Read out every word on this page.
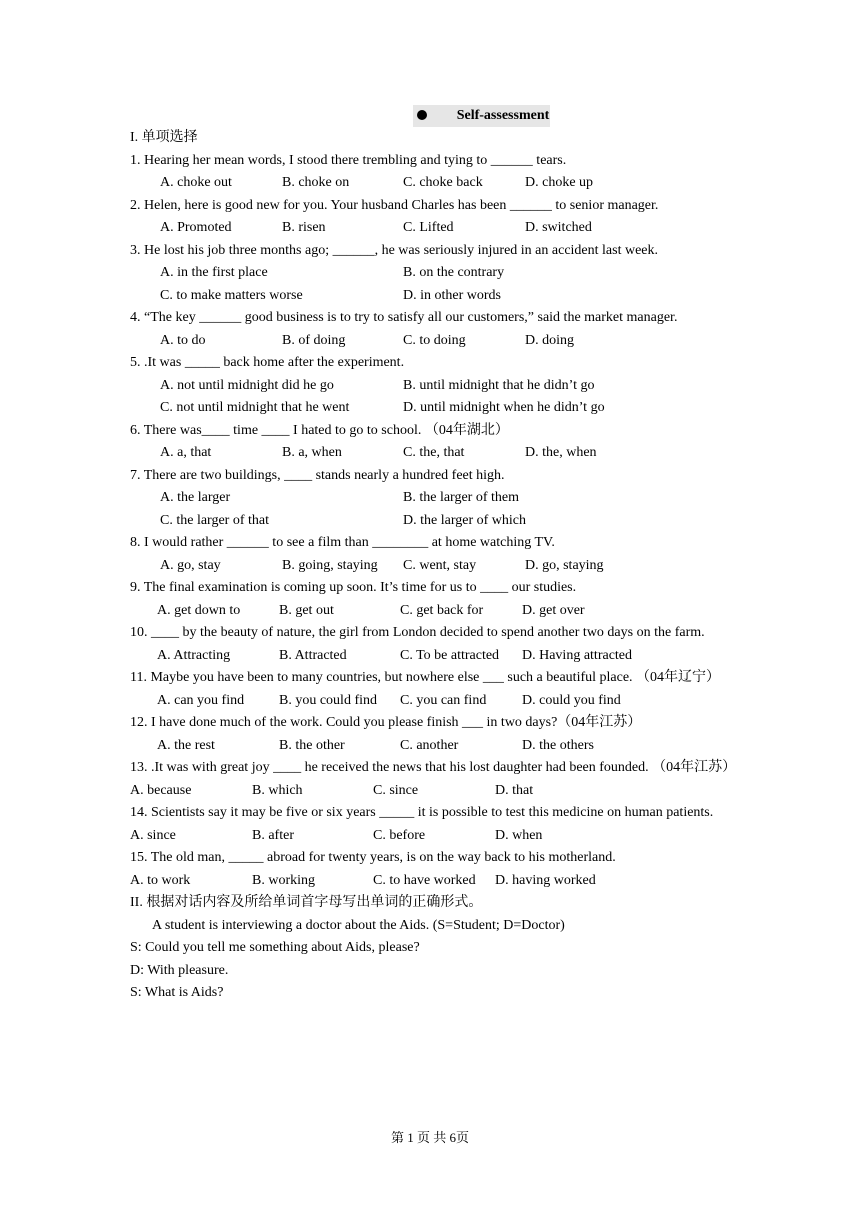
Self-assessment
I. 单项选择
1. Hearing her mean words, I stood there trembling and tying to ______ tears.
A. choke out	B. choke on	C. choke back	D. choke up
2. Helen, here is good new for you. Your husband Charles has been ______ to senior manager.
A. Promoted	B. risen	C. Lifted	D. switched
3. He lost his job three months ago; ______, he was seriously injured in an accident last week.
A. in the first place	B. on the contrary
C. to make matters worse	D. in other words
4. “The key ______ good business is to try to satisfy all our customers,” said the market manager.
A. to do	B. of doing	C. to doing	D. doing
5. .It was _____ back home after the experiment.
A. not until midnight did he go	B. until midnight that he didn’t go
C. not until midnight that he went	D. until midnight when he didn’t go
6. There was____ time ____ I hated to go to school. （04年湖北）
A. a, that	B. a, when	C. the, that	D. the, when
7. There are two buildings, ____ stands nearly a hundred feet high.
A. the larger	B. the larger of them
C. the larger of that	D. the larger of which
8. I would rather ______ to see a film than ________ at home watching TV.
A. go, stay	B. going, staying	C. went, stay	D. go, staying
9. The final examination is coming up soon. It’s time for us to ____ our studies.
A. get down to	B. get out	C. get back for	D. get over
10. ____ by the beauty of nature, the girl from London decided to spend another two days on the farm.
A. Attracting	B. Attracted	C. To be attracted	D. Having attracted
11. Maybe you have been to many countries, but nowhere else ___ such a beautiful place. （04年辽宁）
A. can you find	B. you could find	C. you can find	D. could you find
12. I have done much of the work. Could you please finish ___ in two days?（04年江苏）
A. the rest	B. the other	C. another	D. the others
13. .It was with great joy ____ he received the news that his lost daughter had been founded. （04年江苏）
A. because	B. which	C. since	D. that
14. Scientists say it may be five or six years _____ it is possible to test this medicine on human patients.
A. since	B. after	C. before	D. when
15. The old man, _____ abroad for twenty years, is on the way back to his motherland.
A. to work	B. working	C. to have worked	D. having worked
II. 根据对话内容及所给单词首字母写出单词的正确形式。
A student is interviewing a doctor about the Aids. (S=Student; D=Doctor)
S: Could you tell me something about Aids, please?
D: With pleasure.
S: What is Aids?
第 1 页 共 6页
